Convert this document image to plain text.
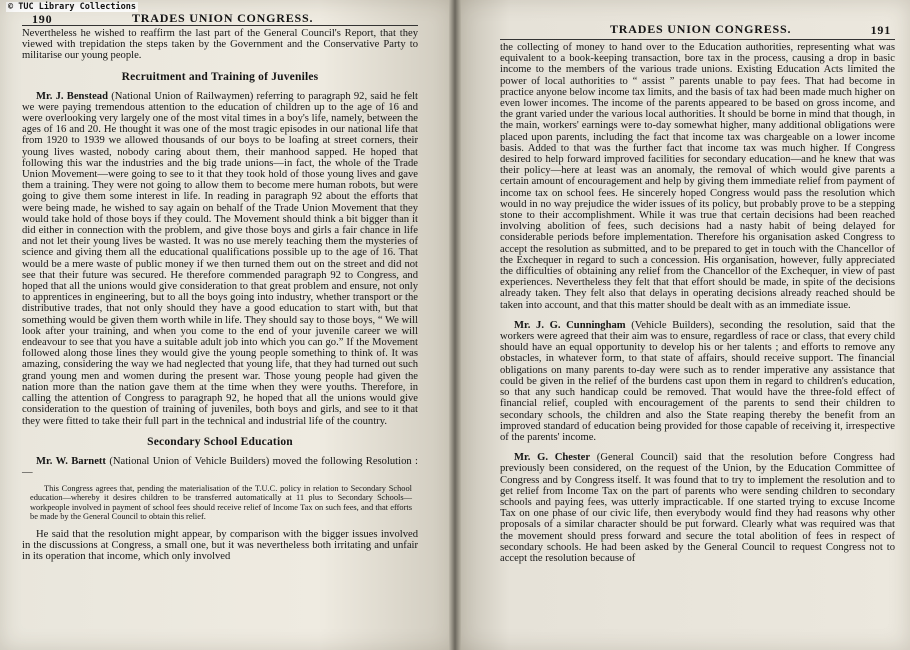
© TUC Library Collections
190	TRADES UNION CONGRESS.

Nevertheless he wished to reaffirm the last part of the General Council's Report, that they viewed with trepidation the steps taken by the Government and the Conservative Party to militarise our young people.

Recruitment and Training of Juveniles

Mr. J. Benstead (National Union of Railwaymen) referring to paragraph 92, said he felt we were paying tremendous attention to the education of children up to the age of 16 and were overlooking very largely one of the most vital times in a boy's life, namely, between the ages of 16 and 20. He thought it was one of the most tragic episodes in our national life that from 1920 to 1939 we allowed thousands of our boys to be loafing at street corners, their young lives wasted, nobody caring about them, their manhood sapped. He hoped that following this war the industries and the big trade unions—in fact, the whole of the Trade Union Movement—were going to see to it that they took hold of those young lives and gave them a training. They were not going to allow them to become mere human robots, but were going to give them some interest in life. In reading in paragraph 92 about the efforts that were being made, he wished to say again on behalf of the Trade Union Movement that they would take hold of those boys if they could. The Movement should think a bit bigger than it did either in connection with the problem, and give those boys and girls a fair chance in life and not let their young lives be wasted. It was no use merely teaching them the mysteries of science and giving them all the educational qualifications possible up to the age of 16. That would be a mere waste of public money if we then turned them out on the street and did not see that their future was secured. He therefore commended paragraph 92 to Congress, and hoped that all the unions would give consideration to that great problem and ensure, not only to apprentices in engineering, but to all the boys going into industry, whether transport or the distributive trades, that not only should they have a good education to start with, but that something would be given them worth while in life. They should say to those boys, “ We will look after your training, and when you come to the end of your juvenile career we will endeavour to see that you have a suitable adult job into which you can go.” If the Movement followed along those lines they would give the young people something to think of. It was amazing, considering the way we had neglected that young life, that they had turned out such grand young men and women during the present war. Those young people had given the nation more than the nation gave them at the time when they were youths. Therefore, in calling the attention of Congress to paragraph 92, he hoped that all the unions would give consideration to the question of training of juveniles, both boys and girls, and see to it that they were fitted to take their full part in the technical and industrial life of the country.

Secondary School Education

Mr. W. Barnett (National Union of Vehicle Builders) moved the following Resolution :—

This Congress agrees that, pending the materialisation of the T.U.C. policy in relation to Secondary School education—whereby it desires children to be transferred automatically at 11 plus to Secondary Schools—workpeople involved in payment of school fees should receive relief of Income Tax on such fees, and that efforts be made by the General Council to obtain this relief.

He said that the resolution might appear, by comparison with the bigger issues involved in the discussions at Congress, a small one, but it was nevertheless both irritating and unfair in its operation that income, which only involved

TRADES UNION CONGRESS.	191

the collecting of money to hand over to the Education authorities, representing what was equivalent to a book-keeping transaction, bore tax in the process, causing a drop in basic income to the members of the various trade unions. Existing Education Acts limited the power of local authorities to “ assist ” parents unable to pay fees. That had become in practice anyone below income tax limits, and the basis of tax had been made much higher on even lower incomes. The income of the parents appeared to be based on gross income, and the grant varied under the various local authorities. It should be borne in mind that though, in the main, workers' earnings were to-day somewhat higher, many additional obligations were placed upon parents, including the fact that income tax was chargeable on a lower income basis. Added to that was the further fact that income tax was much higher. If Congress desired to help forward improved facilities for secondary education—and he knew that was their policy—here at least was an anomaly, the removal of which would give parents a certain amount of encouragement and help by giving them immediate relief from payment of income tax on school fees. He sincerely hoped Congress would pass the resolution which would in no way prejudice the wider issues of its policy, but probably prove to be a stepping stone to their accomplishment. While it was true that certain decisions had been reached involving abolition of fees, such decisions had a nasty habit of being delayed for considerable periods before implementation. Therefore his organisation asked Congress to accept the resolution as submitted, and to be prepared to get in touch with the Chancellor of the Exchequer in regard to such a concession. His organisation, however, fully appreciated the difficulties of obtaining any relief from the Chancellor of the Exchequer, in view of past experiences. Nevertheless they felt that that effort should be made, in spite of the decisions already taken. They felt also that delays in operating decisions already reached should be taken into account, and that this matter should be dealt with as an immediate issue.

Mr. J. G. Cunningham (Vehicle Builders), seconding the resolution, said that the workers were agreed that their aim was to ensure, regardless of race or class, that every child should have an equal opportunity to develop his or her talents ; and efforts to remove any obstacles, in whatever form, to that state of affairs, should receive support. The financial obligations on many parents to-day were such as to render imperative any assistance that could be given in the relief of the burdens cast upon them in regard to children's education, so that any such handicap could be removed. That would have the three-fold effect of financial relief, coupled with encouragement of the parents to send their children to secondary schools, the children and also the State reaping thereby the benefit from an improved standard of education being provided for those capable of receiving it, irrespective of the parents' income.

Mr. G. Chester (General Council) said that the resolution before Congress had previously been considered, on the request of the Union, by the Education Committee of Congress and by Congress itself. It was found that to try to implement the resolution and to get relief from Income Tax on the part of parents who were sending children to secondary schools and paying fees, was utterly impracticable. If one started trying to excuse Income Tax on one phase of our civic life, then everybody would find they had reasons why other proposals of a similar character should be put forward. Clearly what was required was that the movement should press forward and secure the total abolition of fees in respect of secondary schools. He had been asked by the General Council to request Congress not to accept the resolution because of
